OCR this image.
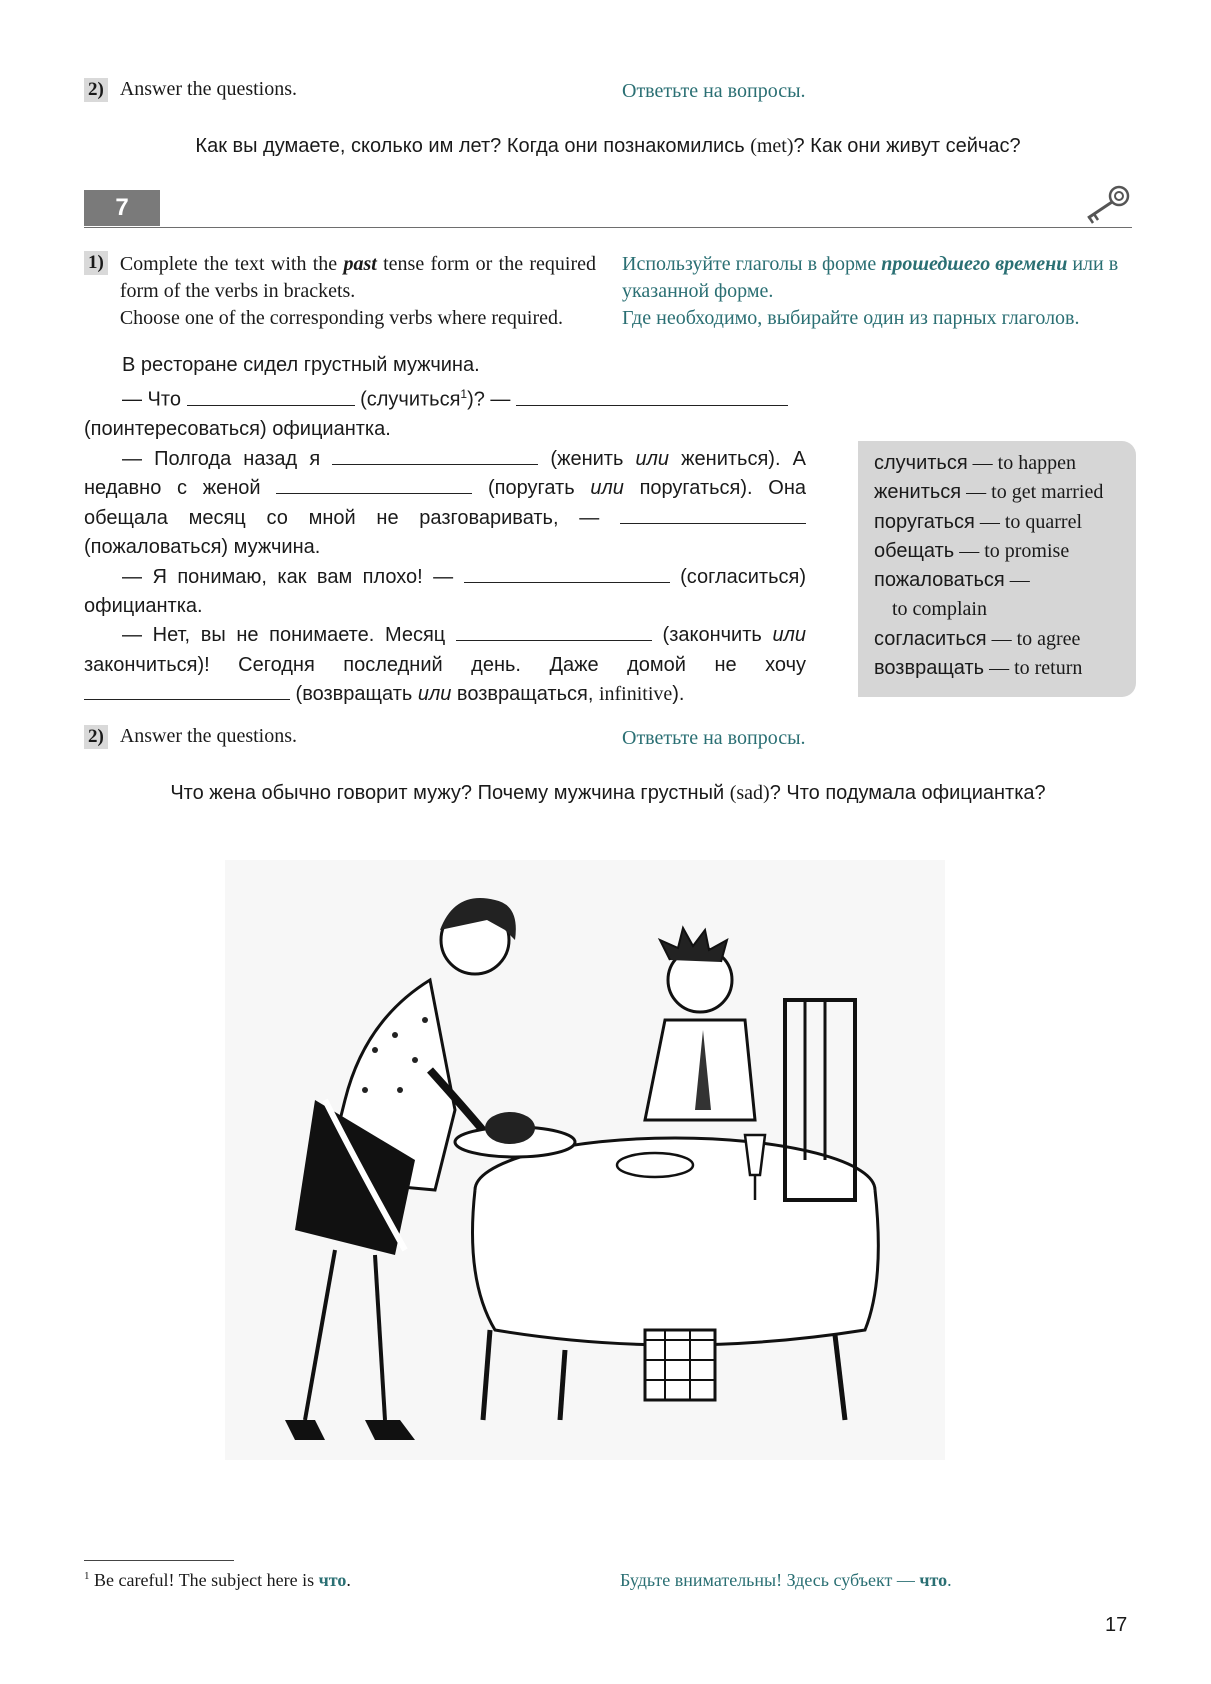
2) Answer the questions.	Ответьте на вопросы.
Как вы думаете, сколько им лет? Когда они познакомились (met)? Как они живут сейчас?
7
1) Complete the text with the past tense form or the required form of the verbs in brackets.
Choose one of the corresponding verbs where required.
Используйте глаголы в форме прошедшего времени или в указанной форме.
Где необходимо, выбирайте один из парных глаголов.

В ресторане сидел грустный мужчина.

— Что	(случиться$^1$)? —

(поинтересоваться) официантка.

— Полгода назад я	(женить или жениться). А недавно с женой	(поругать или поругаться). Она обещала месяц со мной не разговаривать, —  (пожаловаться) мужчина.

— Я понимаю, как вам плохо! —	(согласиться) официантка.

— Нет, вы не понимаете. Месяц	(закончить или закончиться)! Сегодня последний день. Даже домой не хочу  (возвращать или возвращаться, infinitive).

случиться — to happen
жениться — to get married
поругаться — to quarrel
обещать — to promise
пожаловаться —
to complain
согласиться — to agree
возвращать — to return
2) Answer the questions.	Ответьте на вопросы.
Что жена обычно говорит мужу? Почему мужчина грустный (sad)? Что подумала официантка?
$^1$ Be careful! The subject here is что.	Будьте внимательны! Здесь субъект — что.
17
